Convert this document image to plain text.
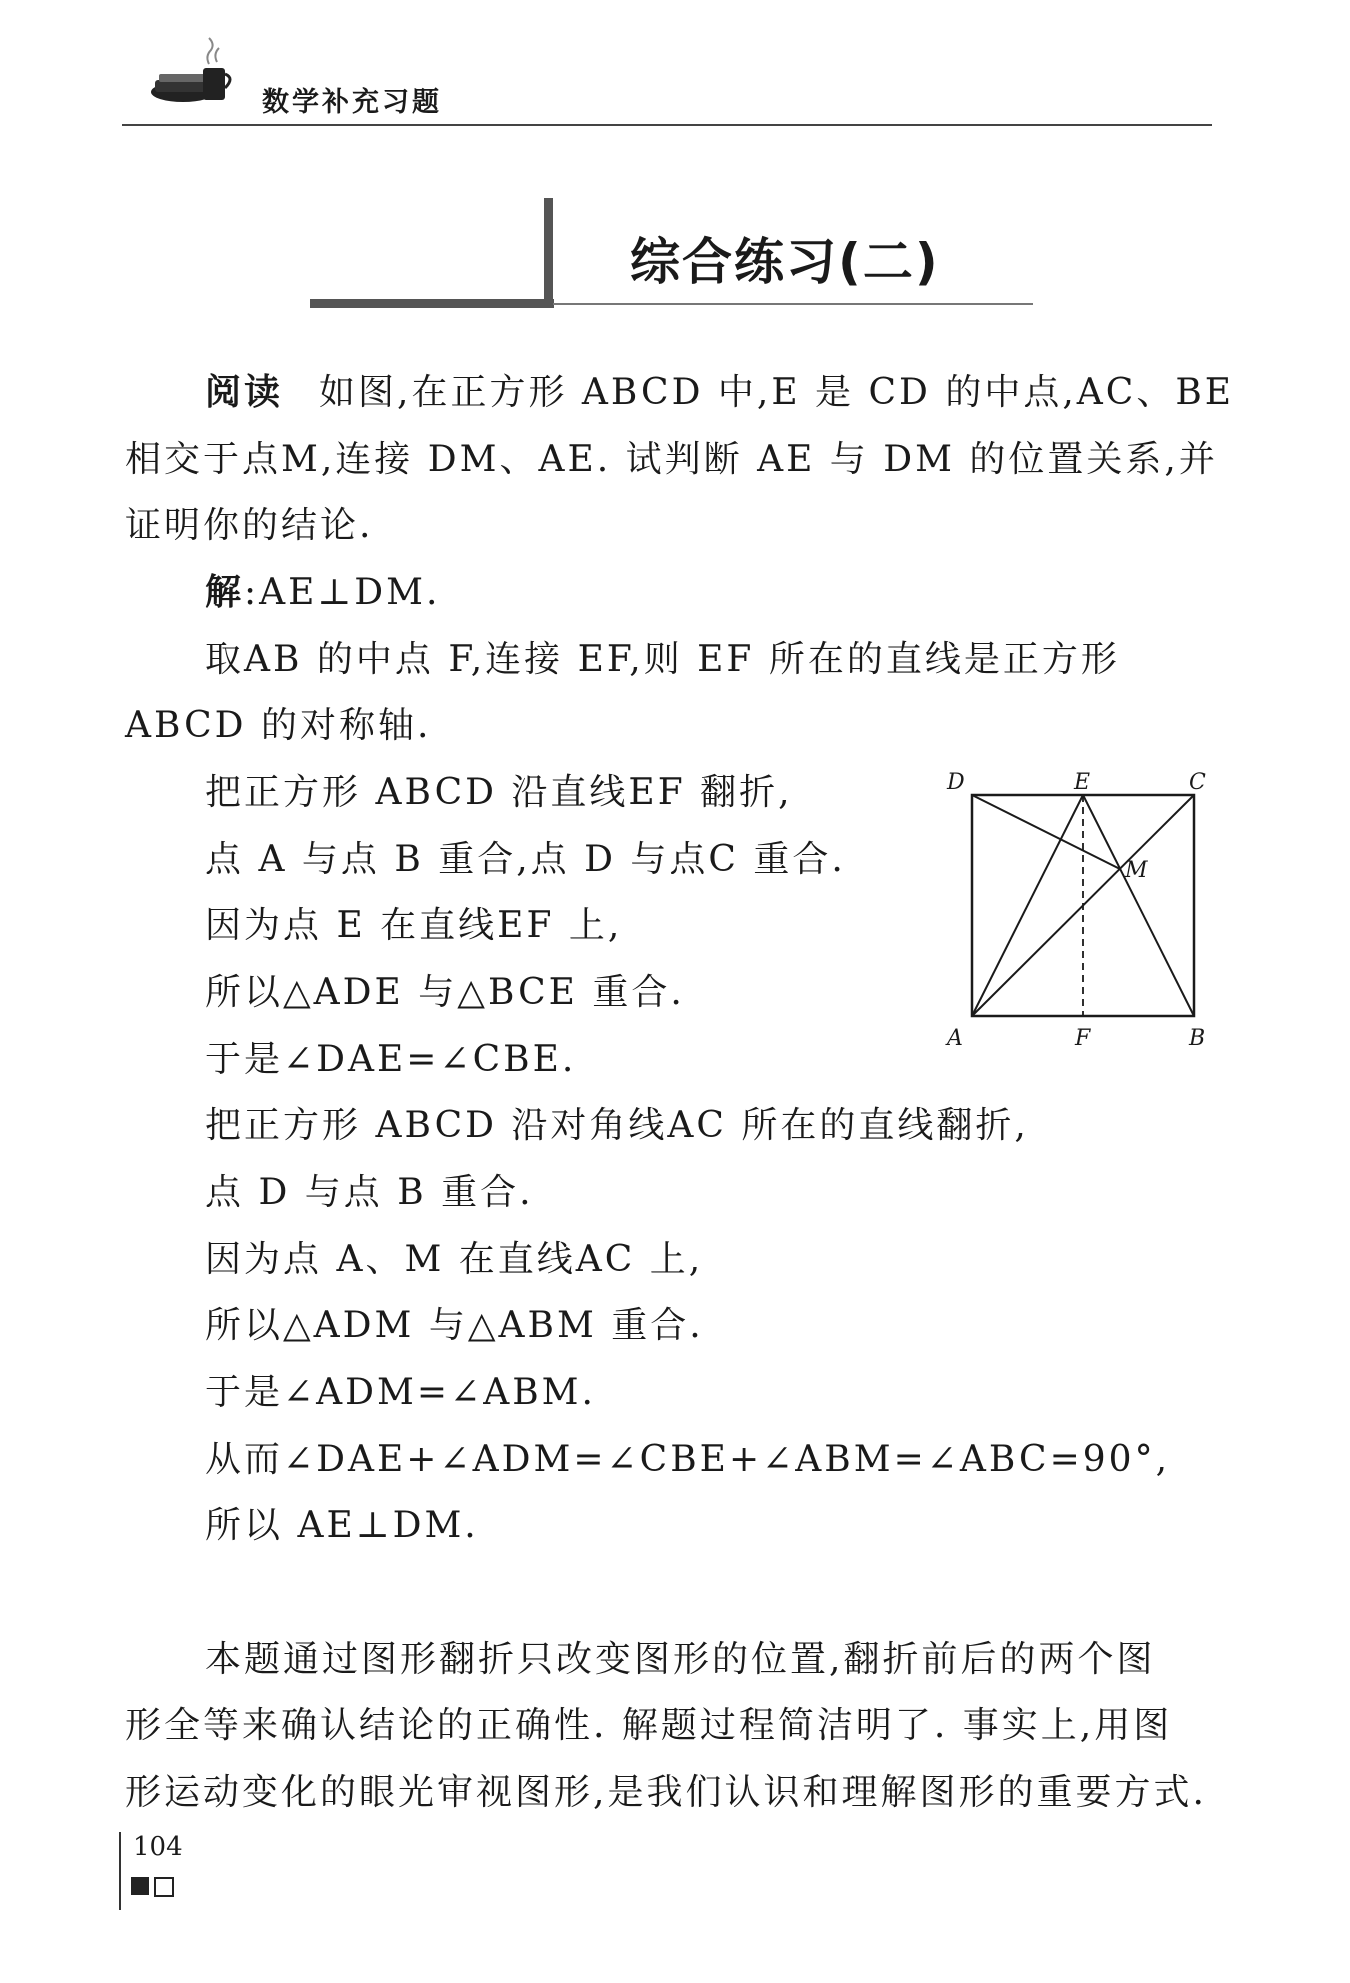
数学补充习题
综合练习(二)
阅读 如图,在正方形 ABCD 中,E 是 CD 的中点,AC、BE
相交于点M,连接 DM、AE. 试判断 AE 与 DM 的位置关系,并
证明你的结论.
解:AE⊥DM.
取AB 的中点 F,连接 EF,则 EF 所在的直线是正方形
ABCD 的对称轴.
把正方形 ABCD 沿直线EF 翻折,
点 A 与点 B 重合,点 D 与点C 重合.
因为点 E 在直线EF 上,
所以△ADE 与△BCE 重合.
于是∠DAE=∠CBE.
把正方形 ABCD 沿对角线AC 所在的直线翻折,
点 D 与点 B 重合.
因为点 A、M 在直线AC 上,
所以△ADM 与△ABM 重合.
于是∠ADM=∠ABM.
从而∠DAE+∠ADM=∠CBE+∠ABM=∠ABC=90°,
所以 AE⊥DM.
D	E	C
M
A	F	B
本题通过图形翻折只改变图形的位置,翻折前后的两个图
形全等来确认结论的正确性. 解题过程简洁明了. 事实上,用图
形运动变化的眼光审视图形,是我们认识和理解图形的重要方式.
104
